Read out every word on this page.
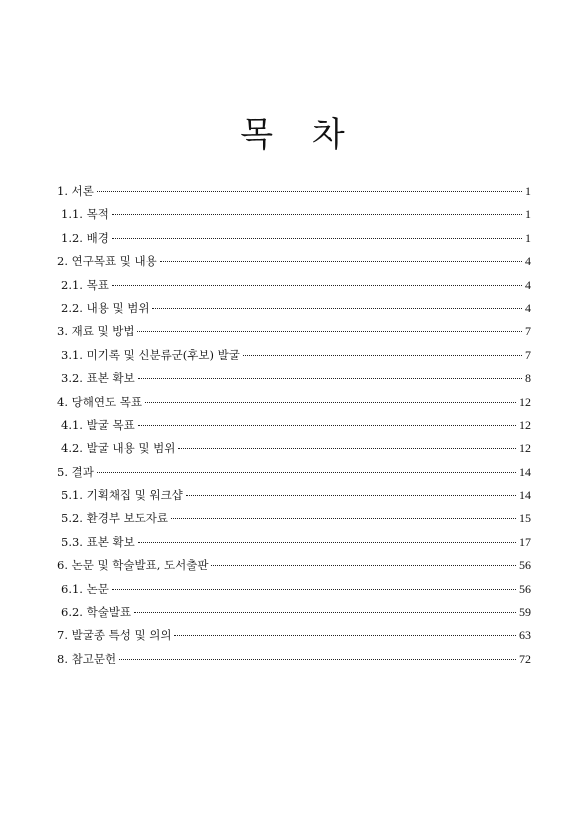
목 차
1. 서론	1
1.1. 목적	1
1.2. 배경	1
2. 연구목표 및 내용	4
2.1. 목표	4
2.2. 내용 및 범위	4
3. 재료 및 방법	7
3.1. 미기록 및 신분류군(후보) 발굴	7
3.2. 표본 확보	8
4. 당해연도 목표	12
4.1. 발굴 목표	12
4.2. 발굴 내용 및 범위	12
5. 결과	14
5.1. 기획채집 및 워크샵	14
5.2. 환경부 보도자료	15
5.3. 표본 확보	17
6. 논문 및 학술발표, 도서출판	56
6.1. 논문	56
6.2. 학술발표	59
7. 발굴종 특성 및 의의	63
8. 참고문헌	72
